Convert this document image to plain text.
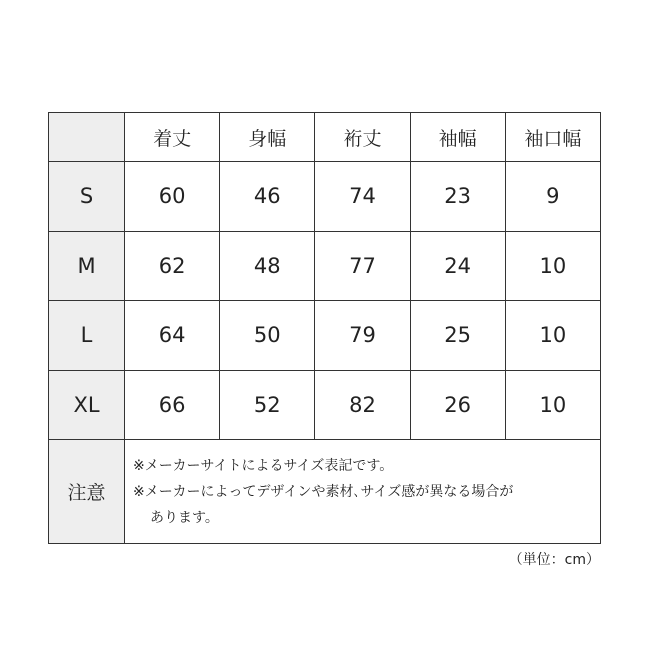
	着丈	身幅	裄丈	袖幅	袖口幅
S	60	46	74	23	9
M	62	48	77	24	10
L	64	50	79	25	10
XL	66	52	82	26	10
注意	※メーカーサイトによるサイズ表記です。
※メーカーによってデザインや素材､サイズ感が異なる場合が
あります。				
（単位：cm）
